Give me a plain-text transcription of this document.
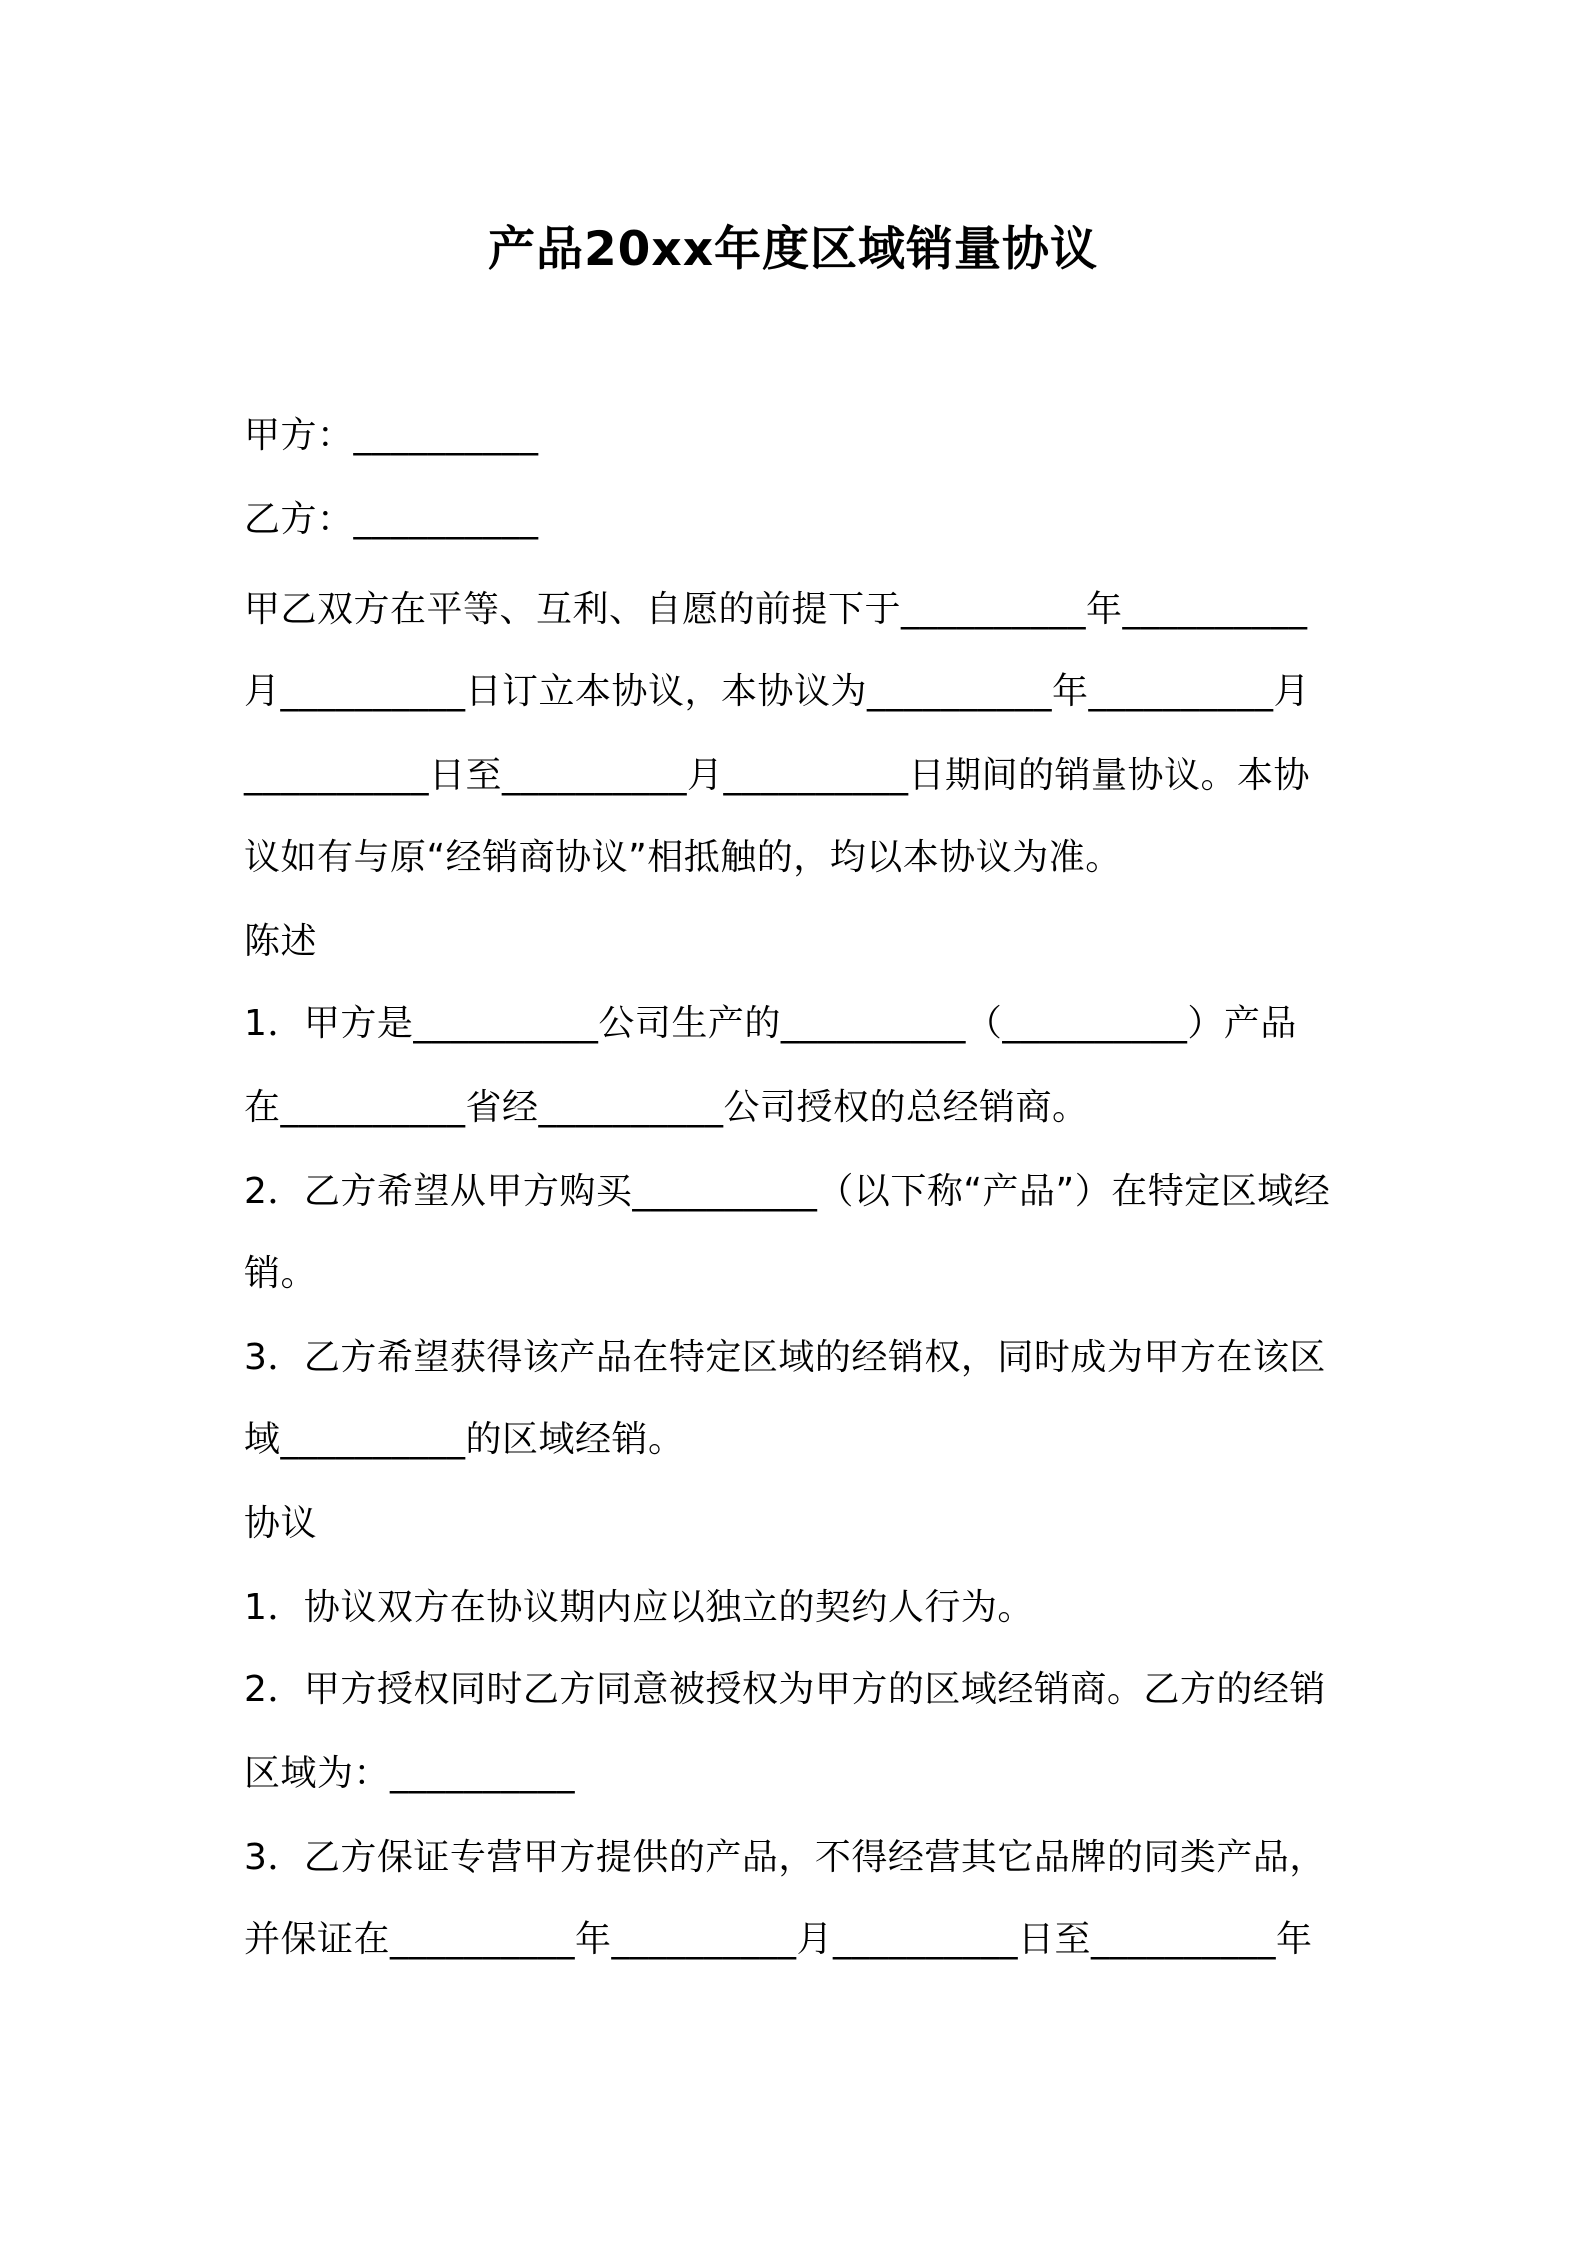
产品20xx年度区域销量协议
甲方：__________
乙方：__________
甲乙双方在平等、互利、自愿的前提下于__________年__________
月__________日订立本协议，本协议为__________年__________月
__________日至__________月__________日期间的销量协议。本协
议如有与原“经销商协议”相抵触的，均以本协议为准。
陈述
1．甲方是__________公司生产的__________（__________）产品
在__________省经__________公司授权的总经销商。
2．乙方希望从甲方购买__________（以下称“产品”）在特定区域经
销。
3．乙方希望获得该产品在特定区域的经销权，同时成为甲方在该区
域__________的区域经销。
协议
1．协议双方在协议期内应以独立的契约人行为。
2．甲方授权同时乙方同意被授权为甲方的区域经销商。乙方的经销
区域为：__________
3．乙方保证专营甲方提供的产品，不得经营其它品牌的同类产品，
并保证在__________年__________月__________日至__________年
